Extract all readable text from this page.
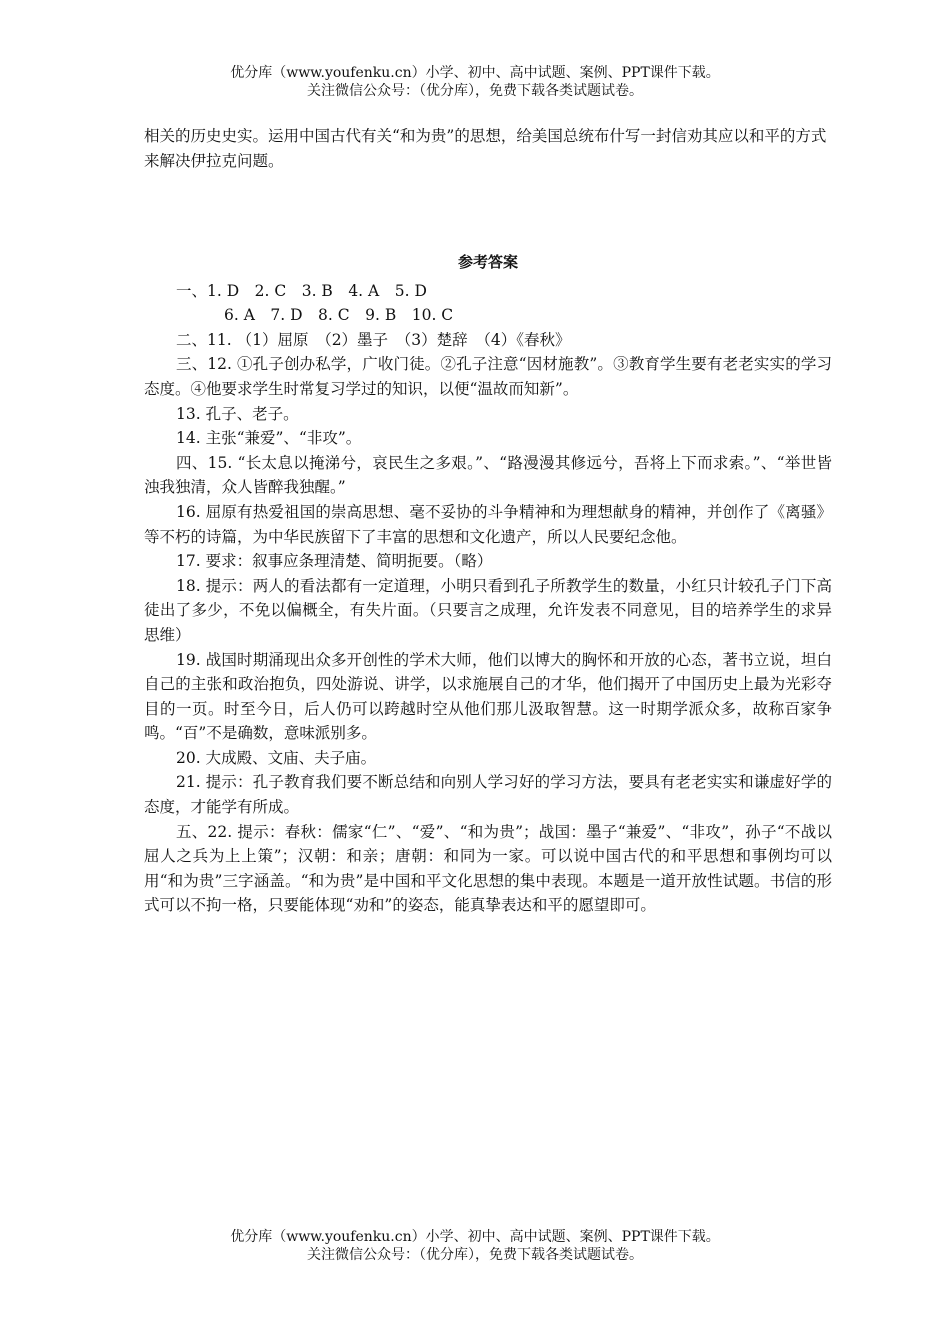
优分库（www.youfenku.cn）小学、初中、高中试题、案例、PPT课件下载。
关注微信公众号：（优分库），免费下载各类试题试卷。
相关的历史史实。运用中国古代有关“和为贵”的思想，给美国总统布什写一封信劝其应以和平的方式来解决伊拉克问题。
参考答案

一、1. D　2. C　3. B　4. A　5. D

6. A　7. D　8. C　9. B　10. C

二、11. （1）屈原　（2）墨子　（3）楚辞　（4）《春秋》

三、12. ①孔子创办私学，广收门徒。②孔子注意“因材施教”。③教育学生要有老老实实的学习态度。④他要求学生时常复习学过的知识，以便“温故而知新”。

13. 孔子、老子。

14. 主张“兼爱”、“非攻”。

四、15. “长太息以掩涕兮，哀民生之多艰。”、“路漫漫其修远兮，吾将上下而求索。”、“举世皆浊我独清，众人皆醉我独醒。”

16. 屈原有热爱祖国的崇高思想、毫不妥协的斗争精神和为理想献身的精神，并创作了《离骚》等不朽的诗篇，为中华民族留下了丰富的思想和文化遗产，所以人民要纪念他。

17. 要求：叙事应条理清楚、简明扼要。（略）

18. 提示：两人的看法都有一定道理，小明只看到孔子所教学生的数量，小红只计较孔子门下高徒出了多少，不免以偏概全，有失片面。（只要言之成理，允许发表不同意见，目的培养学生的求异思维）

19. 战国时期涌现出众多开创性的学术大师，他们以博大的胸怀和开放的心态，著书立说，坦白自己的主张和政治抱负，四处游说、讲学，以求施展自己的才华，他们揭开了中国历史上最为光彩夺目的一页。时至今日，后人仍可以跨越时空从他们那儿汲取智慧。这一时期学派众多，故称百家争鸣。“百”不是确数，意味派别多。

20. 大成殿、文庙、夫子庙。

21. 提示：孔子教育我们要不断总结和向别人学习好的学习方法，要具有老老实实和谦虚好学的态度，才能学有所成。

五、22. 提示：春秋：儒家“仁”、“爱”、“和为贵”；战国：墨子“兼爱”、“非攻”，孙子“不战以屈人之兵为上上策”；汉朝：和亲；唐朝：和同为一家。可以说中国古代的和平思想和事例均可以用“和为贵”三字涵盖。“和为贵”是中国和平文化思想的集中表现。本题是一道开放性试题。书信的形式可以不拘一格，只要能体现“劝和”的姿态，能真挚表达和平的愿望即可。

优分库（www.youfenku.cn）小学、初中、高中试题、案例、PPT课件下载。
关注微信公众号：（优分库），免费下载各类试题试卷。
